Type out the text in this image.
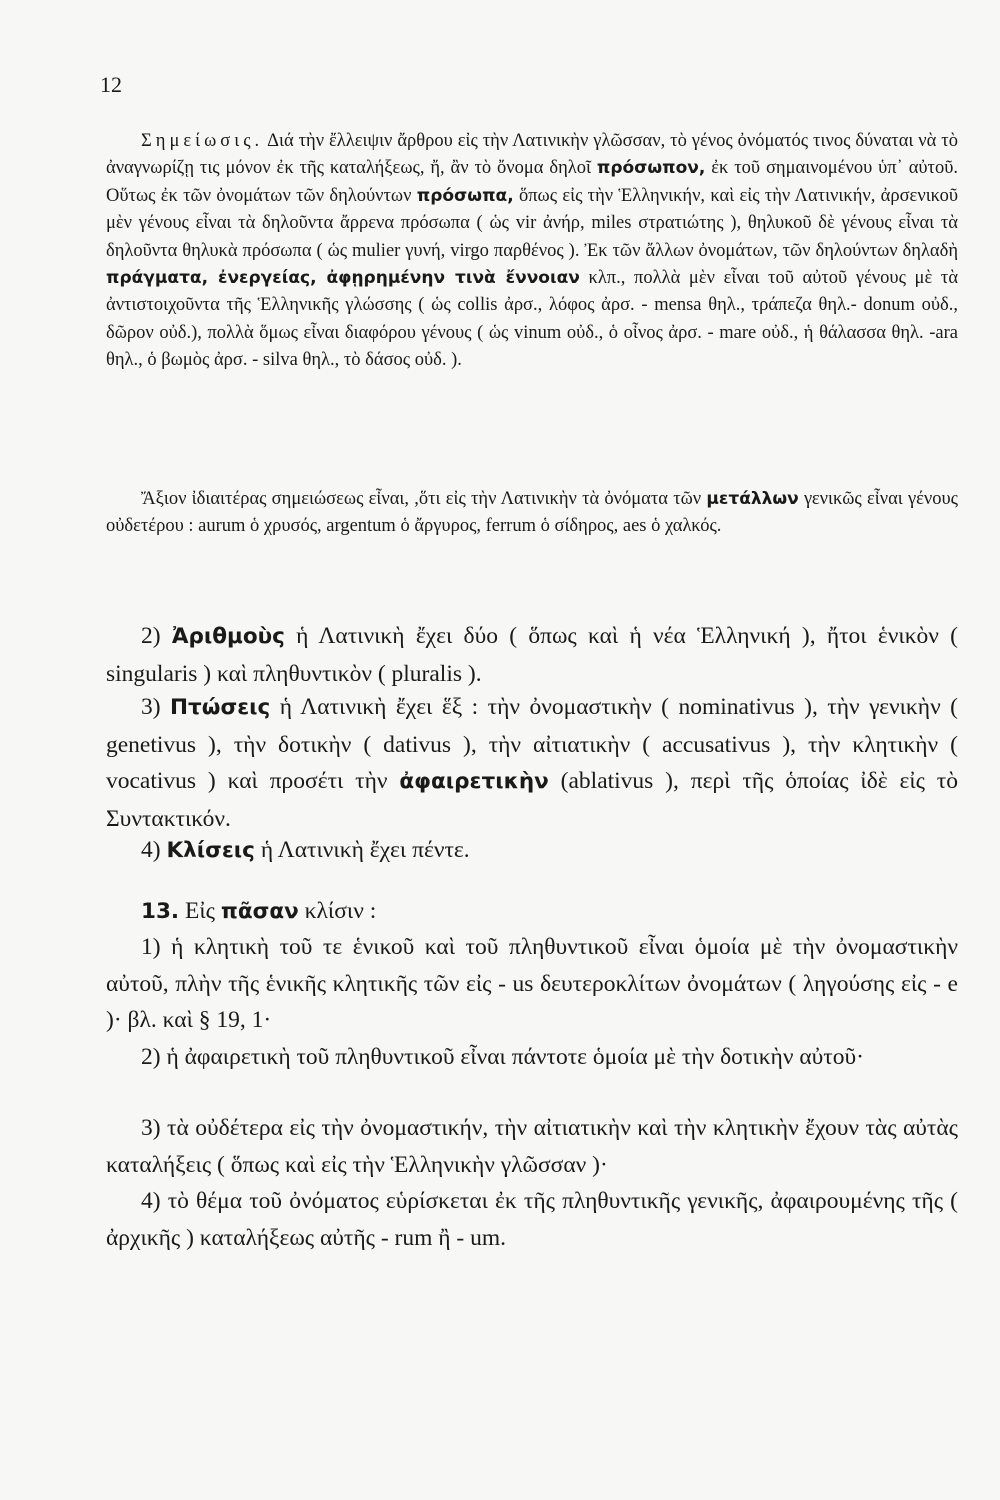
12

Σημείωσις. Διά τὴν ἔλλειψιν ἄρθρου εἰς τὴν Λατινικὴν γλῶσσαν, τὸ γένος ὀνόματός τινος δύναται νὰ τὸ ἀναγνωρίζῃ τις μόνον ἐκ τῆς καταλήξεως, ἤ, ἂν τὸ ὄνομα δηλοῖ πρόσωπον, ἐκ τοῦ σημαινομένου ὑπ᾽ αὐτοῦ. Οὕτως ἐκ τῶν ὀνομάτων τῶν δηλούντων πρόσωπα, ὅπως εἰς τὴν Ἑλληνικήν, καὶ εἰς τὴν Λατινικήν, ἀρσενικοῦ μὲν γένους εἶναι τὰ δηλοῦντα ἄρρενα πρόσωπα ( ὡς vir ἀνήρ, miles στρατιώτης ), θηλυκοῦ δὲ γένους εἶναι τὰ δηλοῦντα θηλυκὰ πρόσωπα ( ὡς mulier γυνή, virgo παρθένος ). Ἐκ τῶν ἄλλων ὀνομάτων, τῶν δηλούντων δηλαδὴ πράγματα, ἐνεργείας, ἀφῃρημένην τινὰ ἔννοιαν κλπ., πολλὰ μὲν εἶναι τοῦ αὐτοῦ γένους μὲ τὰ ἀντιστοιχοῦντα τῆς Ἑλληνικῆς γλώσσης ( ὡς collis ἀρσ., λόφος ἀρσ. - mensa θηλ., τράπεζα θηλ.- donum οὐδ., δῶρον οὐδ.), πολλὰ ὅμως εἶναι διαφόρου γένους ( ὡς vinum οὐδ., ὁ οἶνος ἀρσ. - mare οὐδ., ἡ θάλασσα θηλ. -ara θηλ., ὁ βωμὸς ἀρσ. - silva θηλ., τὸ δάσος οὐδ. ).

Ἄξιον ἰδιαιτέρας σημειώσεως εἶναι, ,ὅτι εἰς τὴν Λατινικὴν τὰ ὀνόματα τῶν μετάλλων γενικῶς εἶναι γένους οὐδετέρου : aurum ὁ χρυσός, argentum ὁ ἄργυρος, ferrum ὁ σίδηρος, aes ὁ χαλκός.

2) Ἀριθμοὺς ἡ Λατινικὴ ἔχει δύο ( ὅπως καὶ ἡ νέα Ἑλληνική ), ἤτοι ἑνικὸν ( singularis ) καὶ πληθυντικὸν ( pluralis ).

3) Πτώσεις ἡ Λατινικὴ ἔχει ἕξ : τὴν ὀνομαστικὴν ( nominativus ), τὴν γενικὴν ( genetivus ), τὴν δοτικὴν ( dativus ), τὴν αἰτιατικὴν ( accusativus ), τὴν κλητικὴν ( vocativus ) καὶ προσέτι τὴν ἀφαιρετικὴν (ablativus ), περὶ τῆς ὁποίας ἰδὲ εἰς τὸ Συντακτικόν.

4) Κλίσεις ἡ Λατινικὴ ἔχει πέντε.

13. Εἰς πᾶσαν κλίσιν :

1) ἡ κλητικὴ τοῦ τε ἑνικοῦ καὶ τοῦ πληθυντικοῦ εἶναι ὁμοία μὲ τὴν ὀνομαστικὴν αὐτοῦ, πλὴν τῆς ἑνικῆς κλητικῆς τῶν εἰς - us δευτεροκλίτων ὀνομάτων ( ληγούσης εἰς - e )· βλ. καὶ § 19, 1·

2) ἡ ἀφαιρετικὴ τοῦ πληθυντικοῦ εἶναι πάντοτε ὁμοία μὲ τὴν δοτικὴν αὐτοῦ·

3) τὰ οὐδέτερα εἰς τὴν ὀνομαστικήν, τὴν αἰτιατικὴν καὶ τὴν κλητικὴν ἔχουν τὰς αὐτὰς καταλήξεις ( ὅπως καὶ εἰς τὴν Ἑλληνικὴν γλῶσσαν )·

4) τὸ θέμα τοῦ ὀνόματος εὑρίσκεται ἐκ τῆς πληθυντικῆς γενικῆς, ἀφαιρουμένης τῆς ( ἀρχικῆς ) καταλήξεως αὐτῆς - rum ἢ - um.
